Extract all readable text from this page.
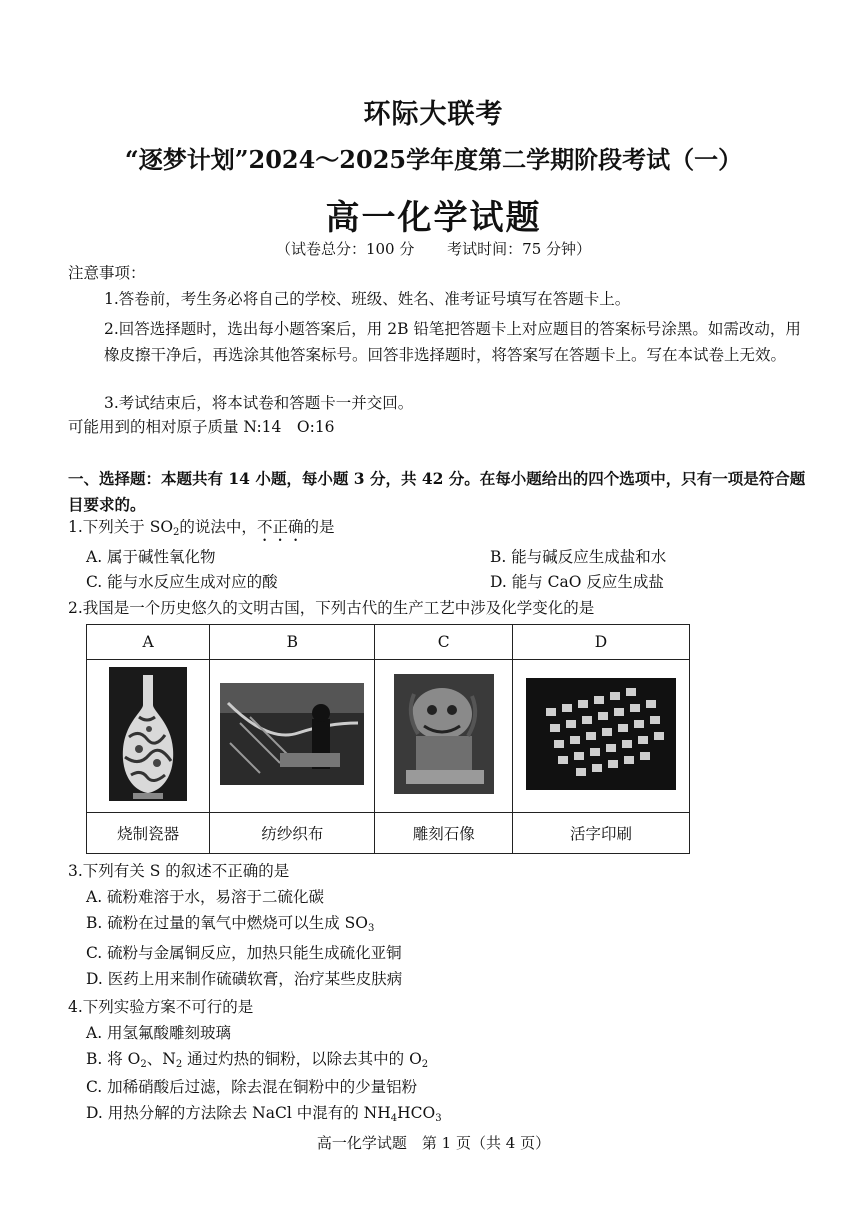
环际大联考
“逐梦计划”2024～2025学年度第二学期阶段考试（一）
高一化学试题
（试卷总分：100 分 考试时间：75 分钟）
注意事项：
1.答卷前，考生务必将自己的学校、班级、姓名、准考证号填写在答题卡上。
2.回答选择题时，选出每小题答案后，用 2B 铅笔把答题卡上对应题目的答案标号涂黑。如需改动，用橡皮擦干净后，再选涂其他答案标号。回答非选择题时，将答案写在答题卡上。写在本试卷上无效。
3.考试结束后，将本试卷和答题卡一并交回。
可能用到的相对原子质量 N:14　O:16
一、选择题：本题共有 14 小题，每小题 3 分，共 42 分。在每小题给出的四个选项中，只有一项是符合题目要求的。
1.下列关于 $SO_2$的说法中，不正确的是
A. 属于碱性氧化物	B. 能与碱反应生成盐和水
C. 能与水反应生成对应的酸	D. 能与 CaO 反应生成盐
2.我国是一个历史悠久的文明古国，下列古代的生产工艺中涉及化学变化的是
A	B	C	D

烧制瓷器	纺纱织布	雕刻石像	活字印刷
3.下列有关 S 的叙述不正确的是
A. 硫粉难溶于水，易溶于二硫化碳
B. 硫粉在过量的氧气中燃烧可以生成 $SO_3$
C. 硫粉与金属铜反应，加热只能生成硫化亚铜
D. 医药上用来制作硫磺软膏，治疗某些皮肤病
4.下列实验方案不可行的是
A. 用氢氟酸雕刻玻璃
B. 将 $O_2$、$N_2$ 通过灼热的铜粉，以除去其中的 $O_2$
C. 加稀硝酸后过滤，除去混在铜粉中的少量铝粉
D. 用热分解的方法除去 NaCl 中混有的 $NH_4HCO_3$
高一化学试题　第 1 页（共 4 页）
